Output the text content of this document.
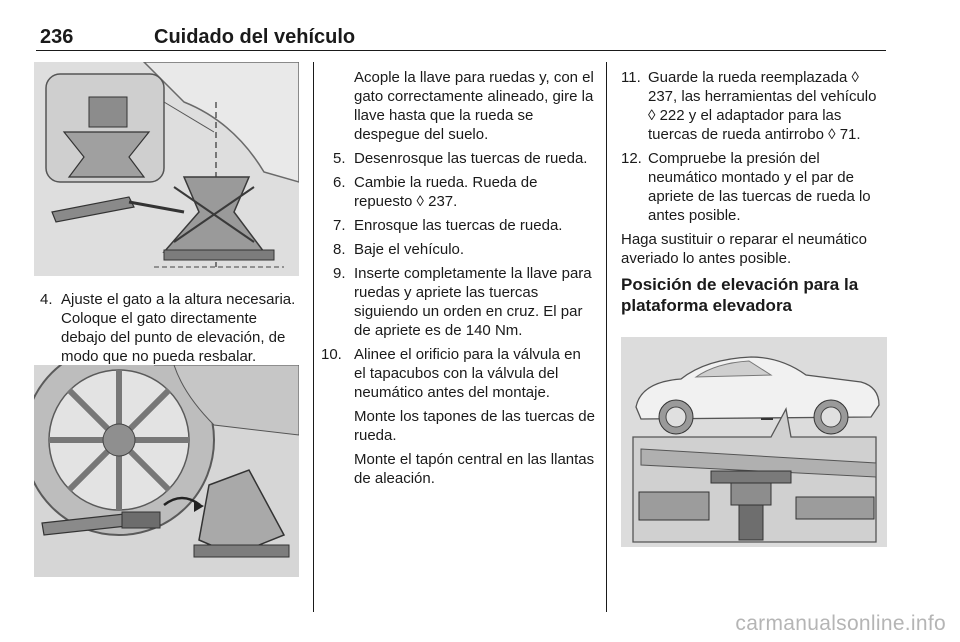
236	Cuidado del vehículo
4. Ajuste el gato a la altura necesaria. Coloque el gato directamente debajo del punto de elevación, de modo que no pueda resbalar.
Acople la llave para ruedas y, con el gato correctamente alineado, gire la llave hasta que la rueda se despegue del suelo.
5. Desenrosque las tuercas de rueda.
6. Cambie la rueda. Rueda de repuesto ◊ 237.
7. Enrosque las tuercas de rueda.
8. Baje el vehículo.
9. Inserte completamente la llave para ruedas y apriete las tuercas siguiendo un orden en cruz. El par de apriete es de 140 Nm.
10. Alinee el orificio para la válvula en el tapacubos con la válvula del neumático antes del montaje.
Monte los tapones de las tuercas de rueda.
Monte el tapón central en las llantas de aleación.
11. Guarde la rueda reemplazada ◊ 237, las herramientas del vehículo ◊ 222 y el adaptador para las tuercas de rueda antirrobo ◊ 71.
12. Compruebe la presión del neumático montado y el par de apriete de las tuercas de rueda lo antes posible.
Haga sustituir o reparar el neumático averiado lo antes posible.
Posición de elevación para la plataforma elevadora
carmanualsonline.info
